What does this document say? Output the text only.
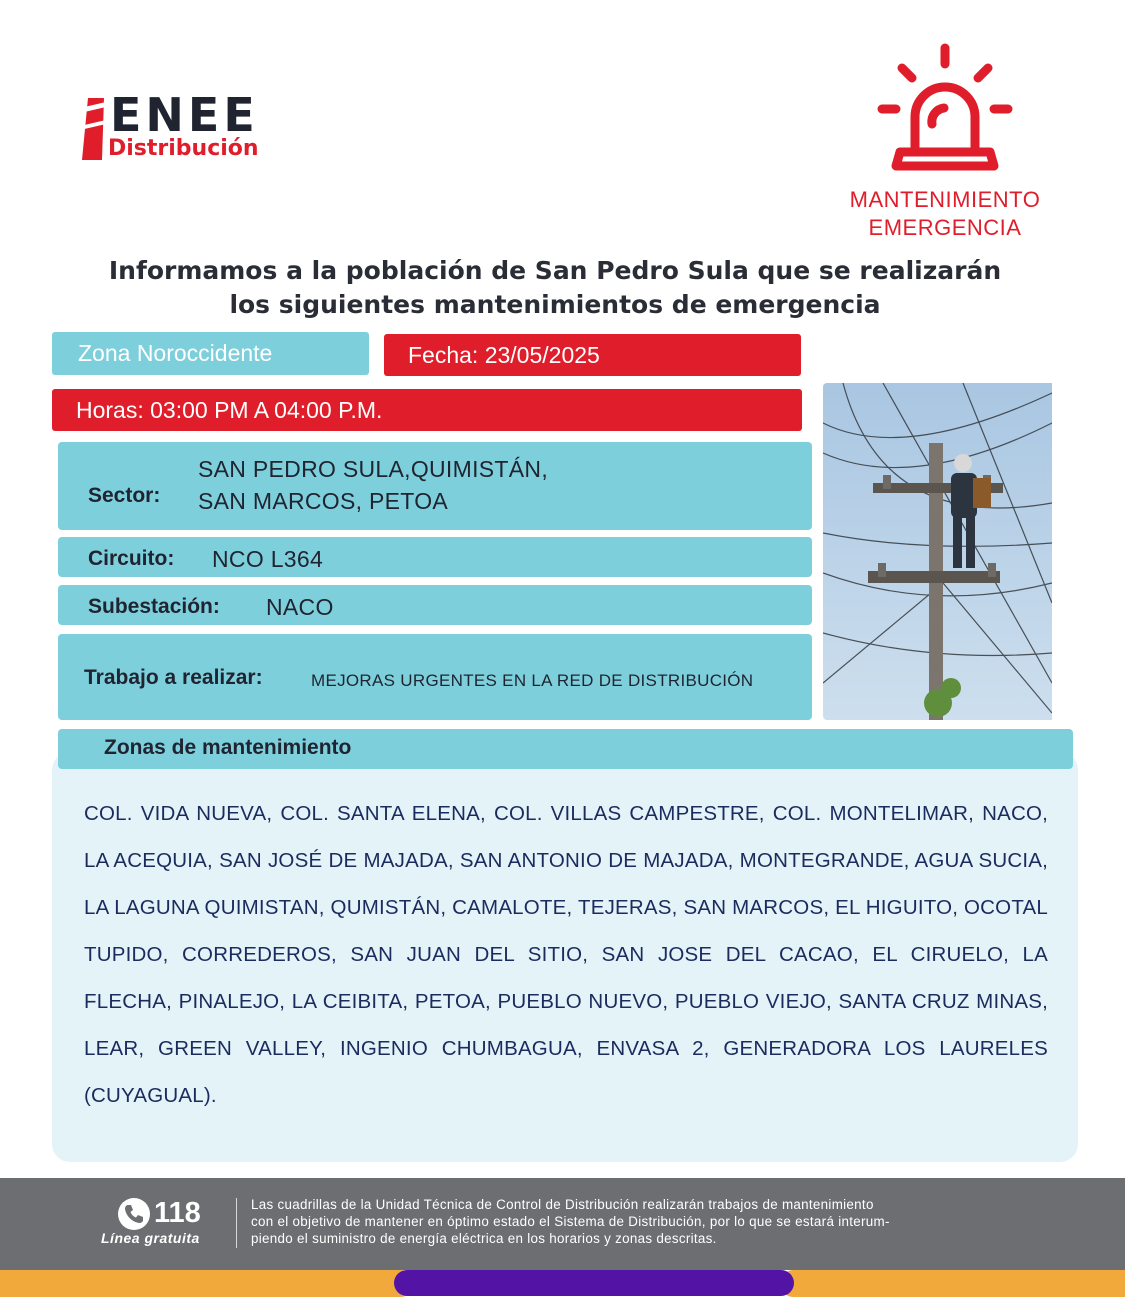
ENEE
Distribución
MANTENIMIENTO
EMERGENCIA
Informamos a la población de San Pedro Sula que se realizarán
los siguientes mantenimientos de emergencia
Zona Noroccidente	Fecha: 23/05/2025
Horas: 03:00 PM A 04:00 P.M.
Sector:
SAN PEDRO SULA,QUIMISTÁN,
SAN MARCOS, PETOA
Circuito: NCO L364
Subestación: NACO
Trabajo a realizar:	MEJORAS URGENTES EN LA RED DE DISTRIBUCIÓN
Zonas de mantenimiento
COL. VIDA NUEVA, COL. SANTA ELENA, COL. VILLAS CAMPESTRE, COL. MONTELIMAR, NACO, LA ACEQUIA, SAN JOSÉ DE MAJADA, SAN ANTONIO DE MAJADA, MONTEGRANDE, AGUA SUCIA, LA LAGUNA QUIMISTAN, QUMISTÁN, CAMALOTE, TEJERAS, SAN MARCOS, EL HIGUITO, OCOTAL TUPIDO, CORREDEROS, SAN JUAN DEL SITIO, SAN JOSE DEL CACAO, EL CIRUELO, LA FLECHA, PINALEJO, LA CEIBITA, PETOA, PUEBLO NUEVO, PUEBLO VIEJO, SANTA CRUZ MINAS, LEAR, GREEN VALLEY, INGENIO CHUMBAGUA, ENVASA 2, GENERADORA LOS LAURELES (CUYAGUAL).
118
Línea gratuita
Las cuadrillas de la Unidad Técnica de Control de Distribución realizarán trabajos de mantenimiento
con el objetivo de mantener en óptimo estado el Sistema de Distribución, por lo que se estará interum-
piendo el suministro de energía eléctrica en los horarios y zonas descritas.
